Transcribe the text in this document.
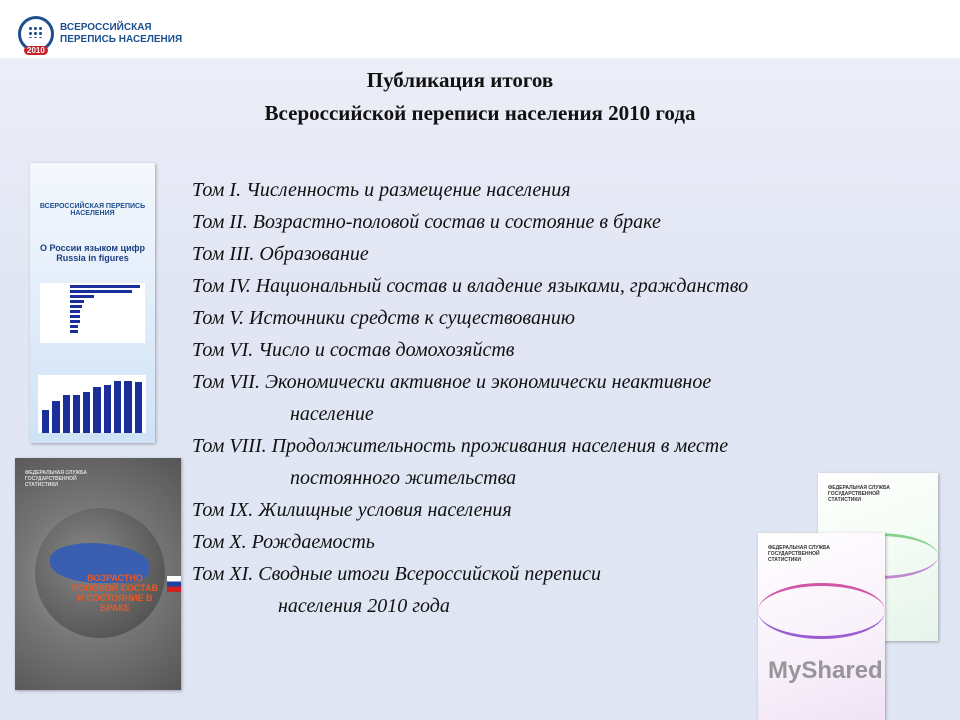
2010
ВСЕРОССИЙСКАЯ
ПЕРЕПИСЬ НАСЕЛЕНИЯ
Публикация итогов
Всероссийской переписи населения 2010 года
ВСЕРОССИЙСКАЯ ПЕРЕПИСЬ НАСЕЛЕНИЯ
О России языком цифр
Russia in figures
ФЕДЕРАЛЬНАЯ СЛУЖБА ГОСУДАРСТВЕННОЙ СТАТИСТИКИ
ВОЗРАСТНО ПОЛОВОЙ СОСТАВ И СОСТОЯНИЕ В БРАКЕ
Том I. Численность и размещение населения
Том II. Возрастно-половой состав и состояние в браке
Том III. Образование
Том IV. Национальный состав и владение языками, гражданство
Том V. Источники средств к существованию
Том VI. Число и состав домохозяйств
Том VII. Экономически активное и экономически неактивное
население
Том VIII. Продолжительность проживания населения в месте
постоянного жительства
Том IX. Жилищные условия населения
Том X. Рождаемость
Том XI. Сводные итоги Всероссийской переписи
населения 2010 года
ФЕДЕРАЛЬНАЯ СЛУЖБА ГОСУДАРСТВЕННОЙ СТАТИСТИКИ
ФЕДЕРАЛЬНАЯ СЛУЖБА ГОСУДАРСТВЕННОЙ СТАТИСТИКИ
MyShared
